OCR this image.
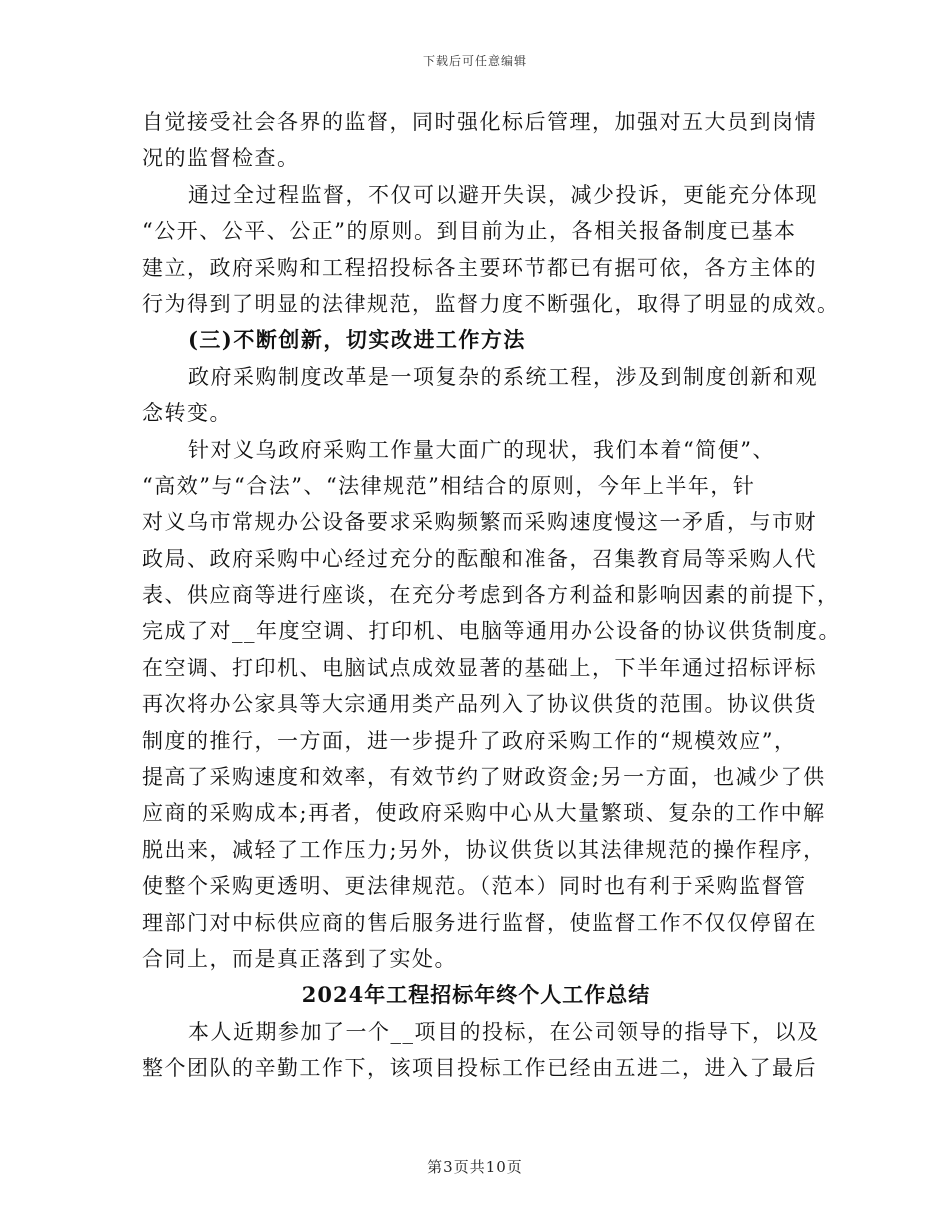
下载后可任意编辑
自觉接受社会各界的监督，同时强化标后管理，加强对五大员到岗情
况的监督检查。
通过全过程监督，不仅可以避开失误，减少投诉，更能充分体现
“公开、公平、公正”的原则。到目前为止，各相关报备制度已基本
建立，政府采购和工程招投标各主要环节都已有据可依，各方主体的
行为得到了明显的法律规范，监督力度不断强化，取得了明显的成效。
(三)不断创新，切实改进工作方法
政府采购制度改革是一项复杂的系统工程，涉及到制度创新和观
念转变。
针对义乌政府采购工作量大面广的现状，我们本着“简便”、
“高效”与“合法”、“法律规范”相结合的原则，今年上半年，针
对义乌市常规办公设备要求采购频繁而采购速度慢这一矛盾，与市财
政局、政府采购中心经过充分的酝酿和准备，召集教育局等采购人代
表、供应商等进行座谈，在充分考虑到各方利益和影响因素的前提下，
完成了对__年度空调、打印机、电脑等通用办公设备的协议供货制度。
在空调、打印机、电脑试点成效显著的基础上，下半年通过招标评标
再次将办公家具等大宗通用类产品列入了协议供货的范围。协议供货
制度的推行，一方面，进一步提升了政府采购工作的“规模效应”，
提高了采购速度和效率，有效节约了财政资金;另一方面，也减少了供
应商的采购成本;再者，使政府采购中心从大量繁琐、复杂的工作中解
脱出来，减轻了工作压力;另外，协议供货以其法律规范的操作程序，
使整个采购更透明、更法律规范。（范本）同时也有利于采购监督管
理部门对中标供应商的售后服务进行监督，使监督工作不仅仅停留在
合同上，而是真正落到了实处。
2024年工程招标年终个人工作总结
本人近期参加了一个__项目的投标，在公司领导的指导下，以及
整个团队的辛勤工作下，该项目投标工作已经由五进二，进入了最后
第3页共10页
